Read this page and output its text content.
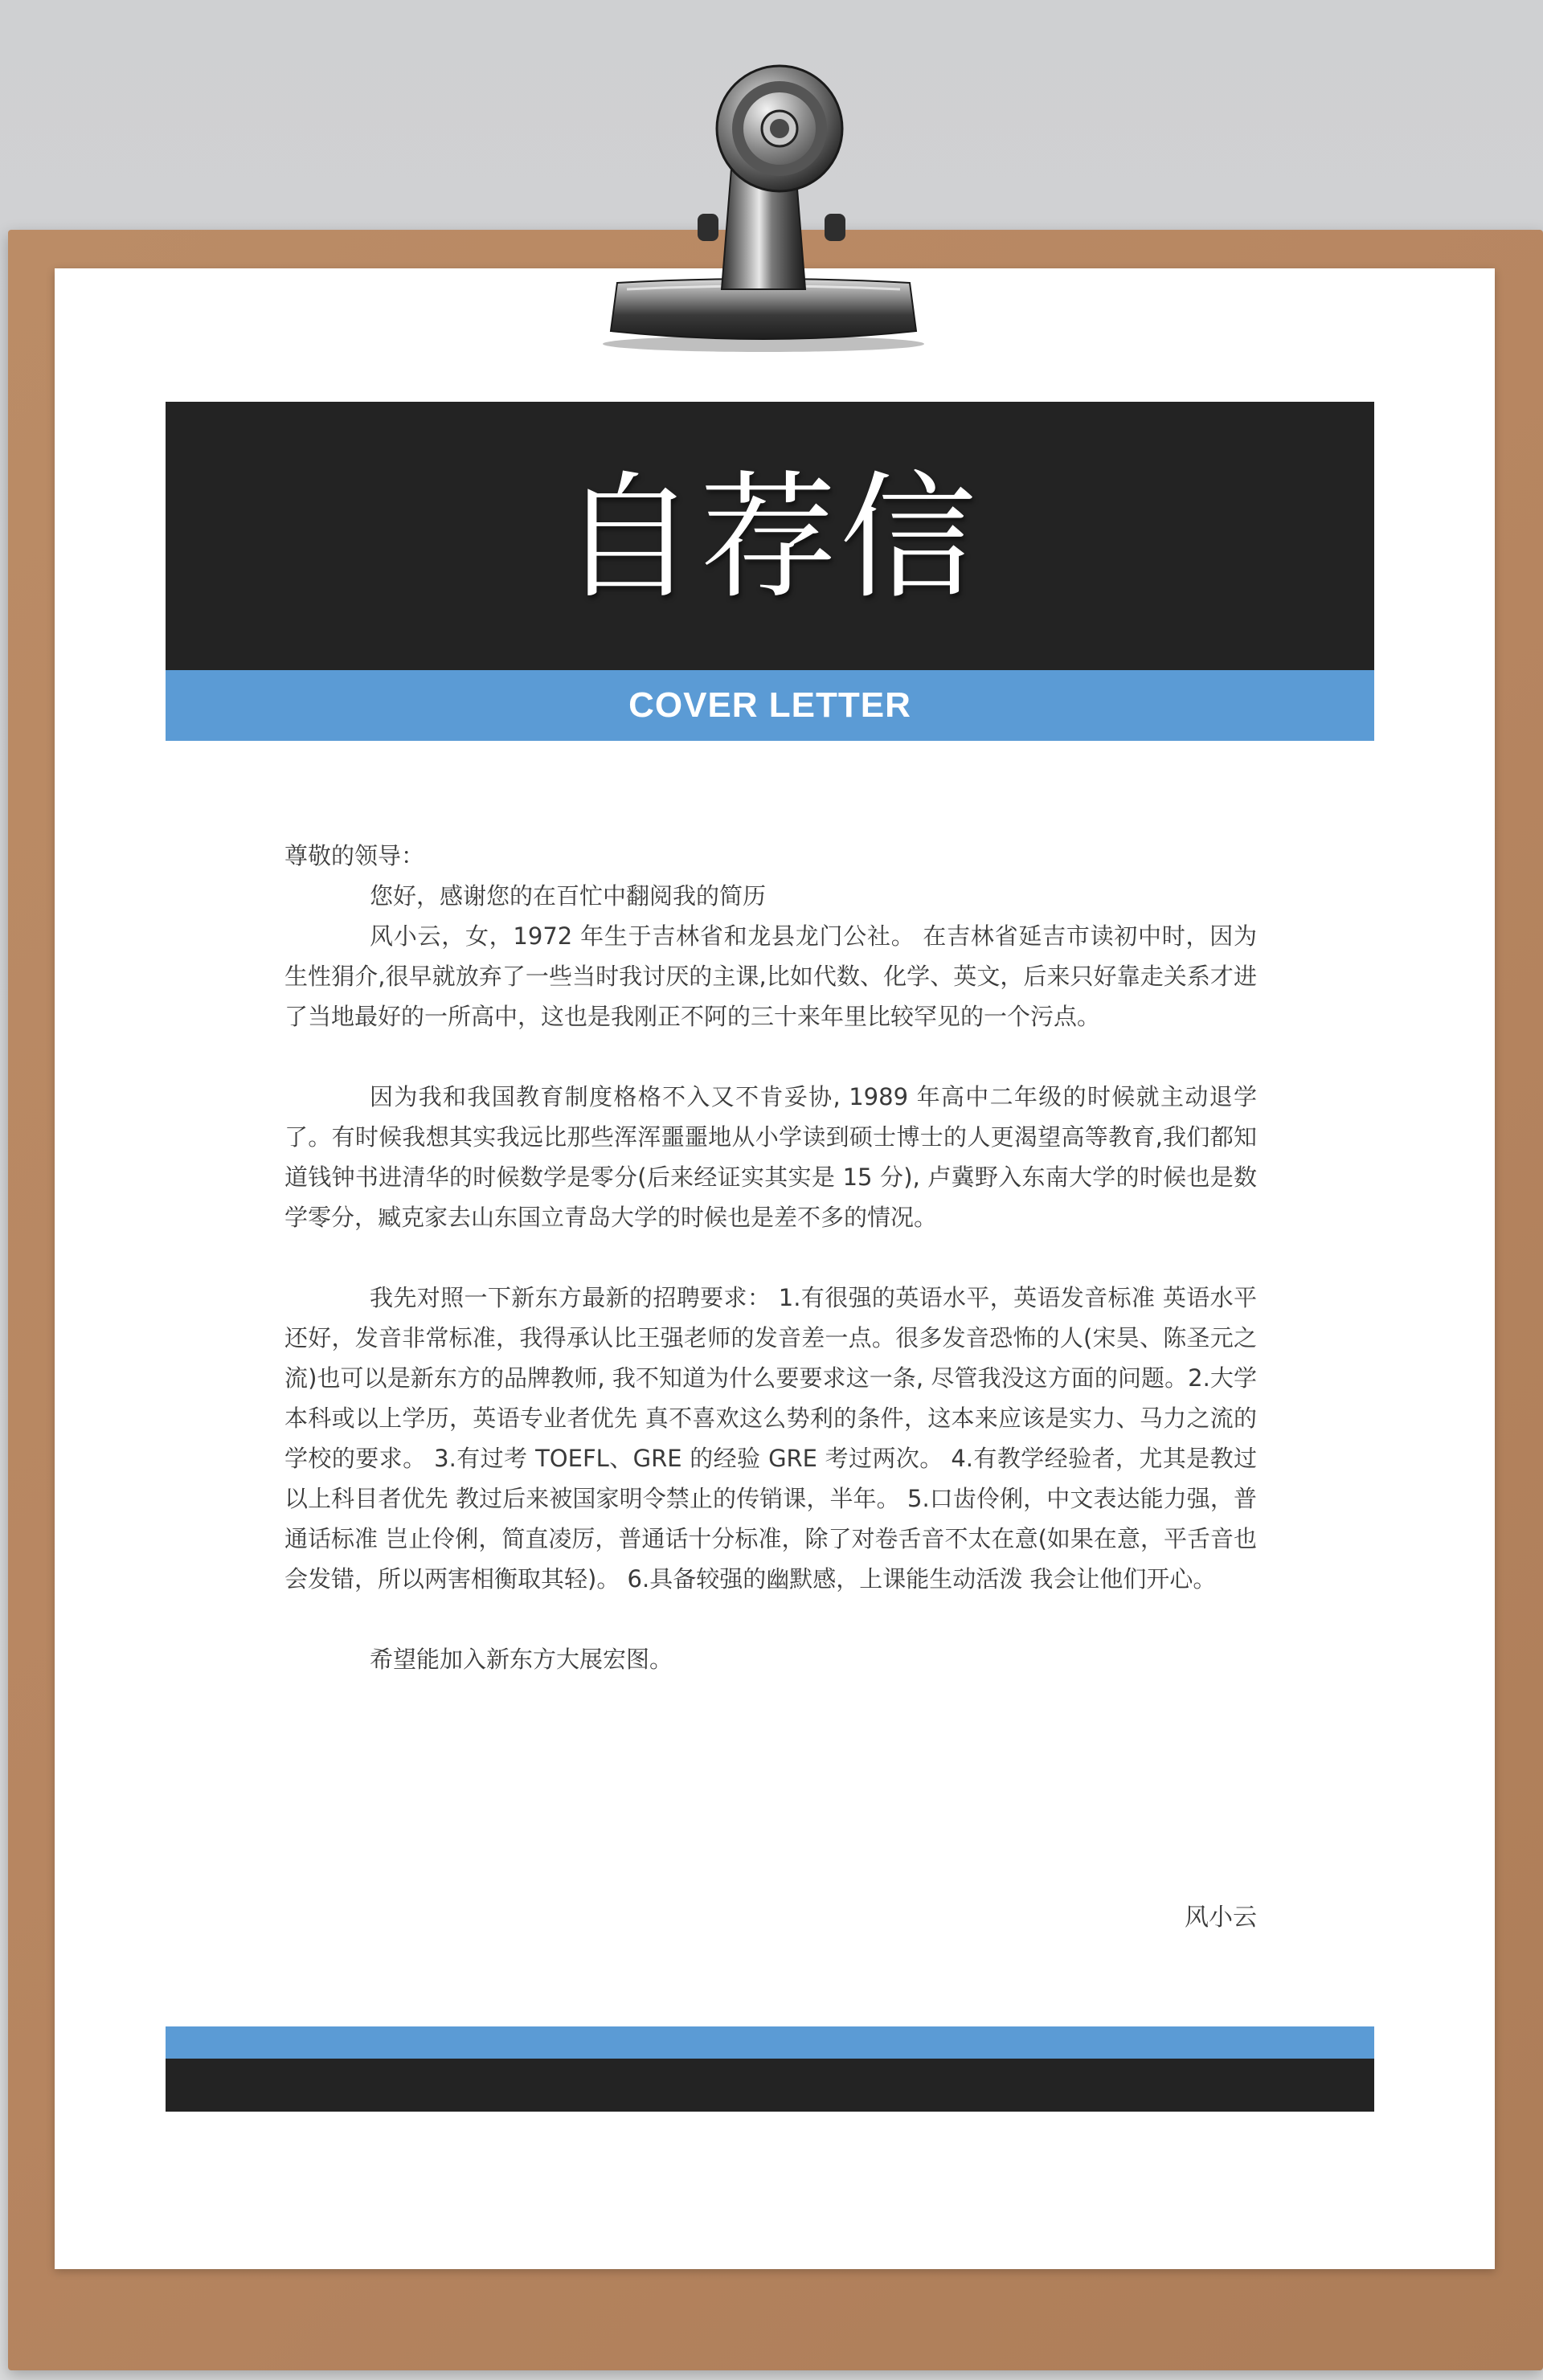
自荐信
COVER LETTER

尊敬的领导：

您好，感谢您的在百忙中翻阅我的简历

风小云，女，1972 年生于吉林省和龙县龙门公社。 在吉林省延吉市读初中时，因为生性狷介,很早就放弃了一些当时我讨厌的主课,比如代数、化学、英文，后来只好靠走关系才进了当地最好的一所高中，这也是我刚正不阿的三十来年里比较罕见的一个污点。

因为我和我国教育制度格格不入又不肯妥协, 1989 年高中二年级的时候就主动退学了。有时候我想其实我远比那些浑浑噩噩地从小学读到硕士博士的人更渴望高等教育,我们都知道钱钟书进清华的时候数学是零分(后来经证实其实是 15 分), 卢冀野入东南大学的时候也是数学零分，臧克家去山东国立青岛大学的时候也是差不多的情况。

我先对照一下新东方最新的招聘要求： 1.有很强的英语水平，英语发音标准 英语水平还好，发音非常标准，我得承认比王强老师的发音差一点。很多发音恐怖的人(宋昊、陈圣元之流)也可以是新东方的品牌教师, 我不知道为什么要要求这一条, 尽管我没这方面的问题。2.大学本科或以上学历，英语专业者优先 真不喜欢这么势利的条件，这本来应该是实力、马力之流的学校的要求。 3.有过考 TOEFL、GRE 的经验 GRE 考过两次。 4.有教学经验者，尤其是教过以上科目者优先 教过后来被国家明令禁止的传销课，半年。 5.口齿伶俐，中文表达能力强，普通话标准 岂止伶俐，简直凌厉，普通话十分标准，除了对卷舌音不太在意(如果在意，平舌音也会发错，所以两害相衡取其轻)。 6.具备较强的幽默感，上课能生动活泼 我会让他们开心。

希望能加入新东方大展宏图。

风小云
